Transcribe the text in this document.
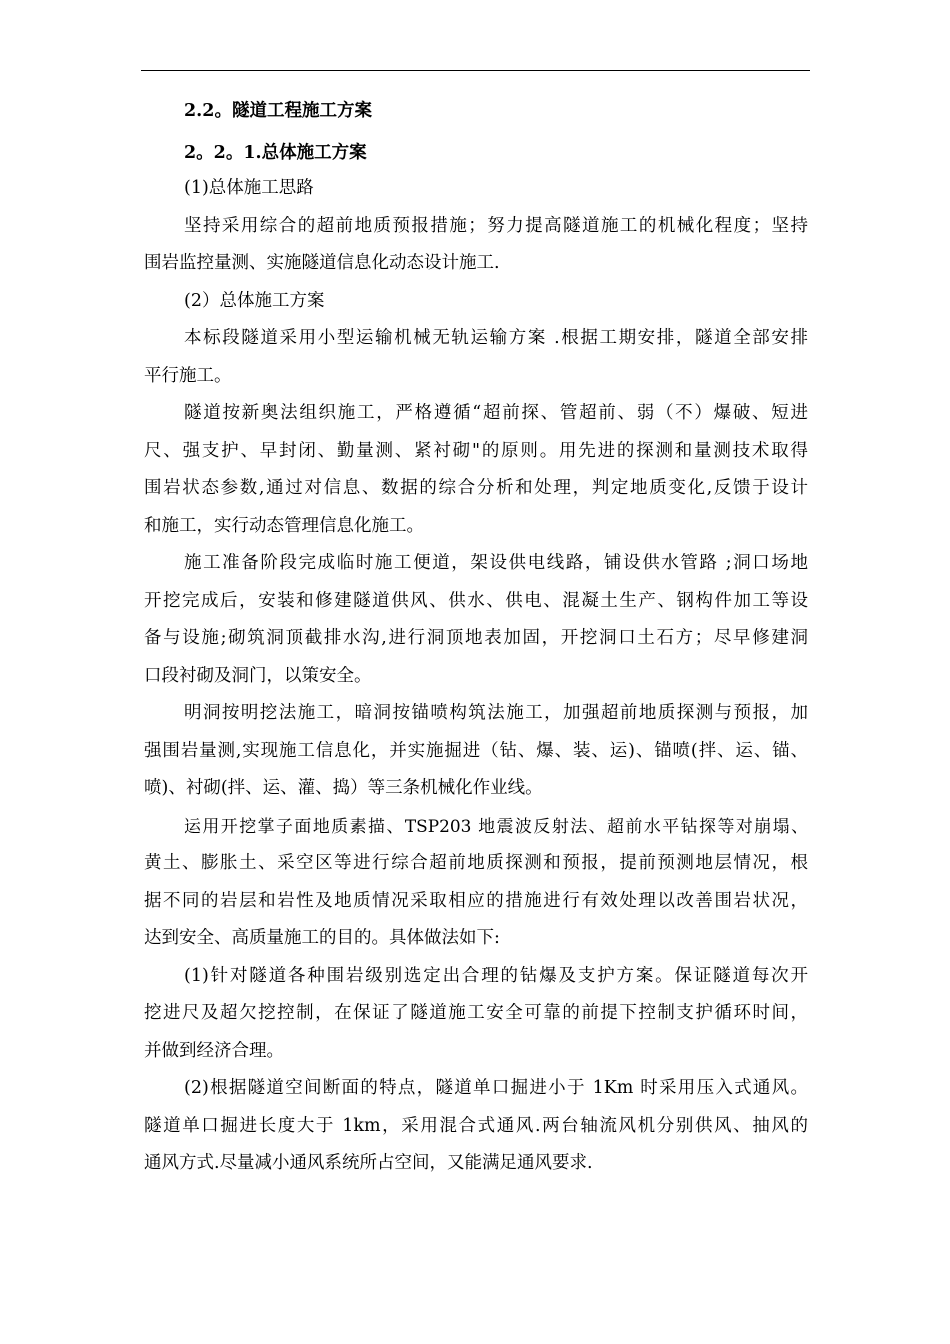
2.2。隧道工程施工方案
2。2。1.总体施工方案
(1)总体施工思路
坚持采用综合的超前地质预报措施；努力提高隧道施工的机械化程度；坚持
围岩监控量测、实施隧道信息化动态设计施工.
(2）总体施工方案
本标段隧道采用小型运输机械无轨运输方案 .根据工期安排，隧道全部安排
平行施工。
隧道按新奥法组织施工，严格遵循“超前探、管超前、弱（不）爆破、短进
尺、强支护、早封闭、勤量测、紧衬砌"的原则。用先进的探测和量测技术取得
围岩状态参数,通过对信息、数据的综合分析和处理，判定地质变化,反馈于设计
和施工，实行动态管理信息化施工。
施工准备阶段完成临时施工便道，架设供电线路，铺设供水管路 ;洞口场地
开挖完成后，安装和修建隧道供风、供水、供电、混凝土生产、钢构件加工等设
备与设施;砌筑洞顶截排水沟,进行洞顶地表加固，开挖洞口土石方；尽早修建洞
口段衬砌及洞门，以策安全。
明洞按明挖法施工，暗洞按锚喷构筑法施工，加强超前地质探测与预报，加
强围岩量测,实现施工信息化，并实施掘进（钻、爆、装、运)、锚喷(拌、运、锚、
喷)、衬砌(拌、运、灌、捣）等三条机械化作业线。
运用开挖掌子面地质素描、TSP203 地震波反射法、超前水平钻探等对崩塌、
黄土、膨胀土、采空区等进行综合超前地质探测和预报，提前预测地层情况，根
据不同的岩层和岩性及地质情况采取相应的措施进行有效处理以改善围岩状况，
达到安全、高质量施工的目的。具体做法如下:
(1)针对隧道各种围岩级别选定出合理的钻爆及支护方案。保证隧道每次开
挖进尺及超欠挖控制，在保证了隧道施工安全可靠的前提下控制支护循环时间，
并做到经济合理。
(2)根据隧道空间断面的特点，隧道单口掘进小于 1Km 时采用压入式通风。
隧道单口掘进长度大于 1km，采用混合式通风.两台轴流风机分别供风、抽风的
通风方式.尽量减小通风系统所占空间，又能满足通风要求.
